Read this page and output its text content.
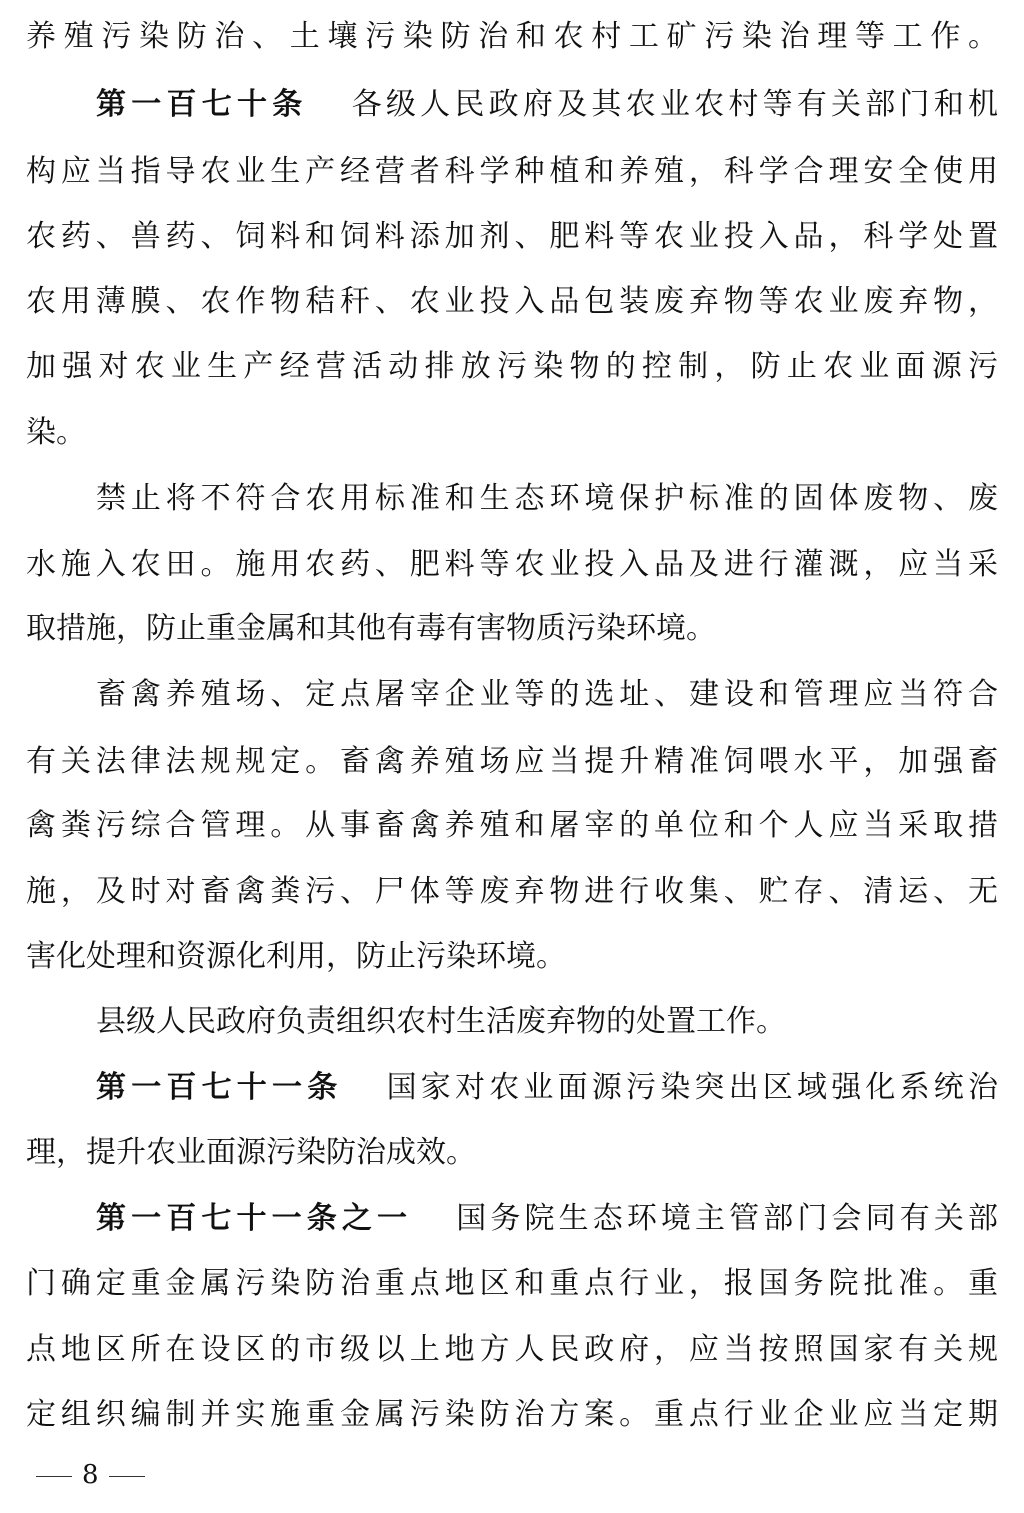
养殖污染防治、土壤污染防治和农村工矿污染治理等工作。
第一百七十条 各级人民政府及其农业农村等有关部门和机
构应当指导农业生产经营者科学种植和养殖，科学合理安全使用
农药、兽药、饲料和饲料添加剂、肥料等农业投入品，科学处置
农用薄膜、农作物秸秆、农业投入品包装废弃物等农业废弃物，
加强对农业生产经营活动排放污染物的控制，防止农业面源污
染。
禁止将不符合农用标准和生态环境保护标准的固体废物、废
水施入农田。施用农药、肥料等农业投入品及进行灌溉，应当采
取措施，防止重金属和其他有毒有害物质污染环境。
畜禽养殖场、定点屠宰企业等的选址、建设和管理应当符合
有关法律法规规定。畜禽养殖场应当提升精准饲喂水平，加强畜
禽粪污综合管理。从事畜禽养殖和屠宰的单位和个人应当采取措
施，及时对畜禽粪污、尸体等废弃物进行收集、贮存、清运、无
害化处理和资源化利用，防止污染环境。
县级人民政府负责组织农村生活废弃物的处置工作。
第一百七十一条 国家对农业面源污染突出区域强化系统治
理，提升农业面源污染防治成效。
第一百七十一条之一 国务院生态环境主管部门会同有关部
门确定重金属污染防治重点地区和重点行业，报国务院批准。重
点地区所在设区的市级以上地方人民政府，应当按照国家有关规
定组织编制并实施重金属污染防治方案。重点行业企业应当定期
8
